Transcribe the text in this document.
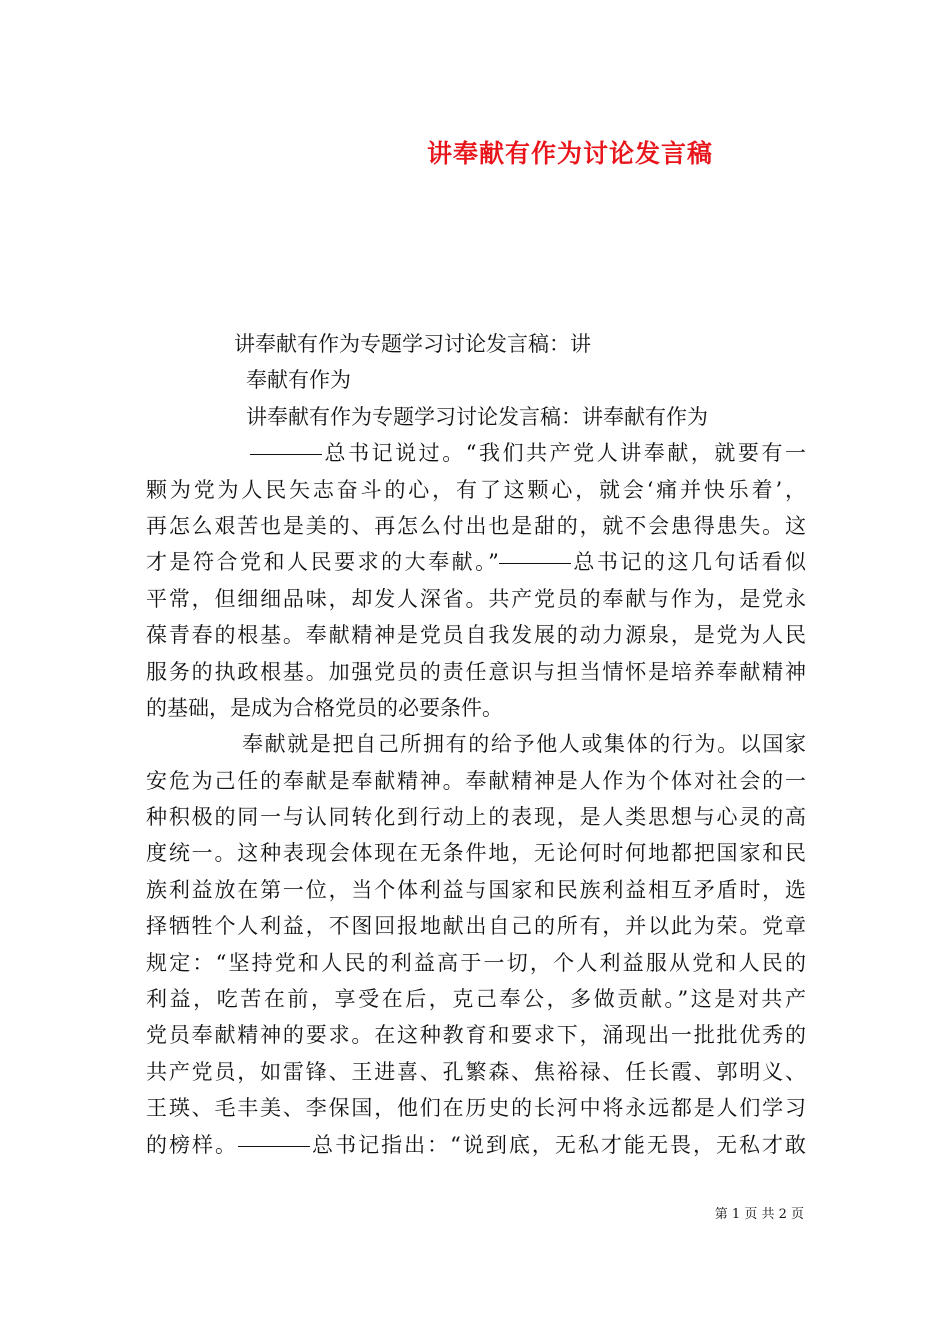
讲奉献有作为讨论发言稿
讲奉献有作为专题学习讨论发言稿：讲
奉献有作为
讲奉献有作为专题学习讨论发言稿：讲奉献有作为
总书记说过。“我们共产党人讲奉献，就要有一
颗为党为人民矢志奋斗的心，有了这颗心，就会‘痛并快乐着’，
再怎么艰苦也是美的、再怎么付出也是甜的，就不会患得患失。这
才是符合党和人民要求的大奉献。”	总书记的这几句话看似
平常，但细细品味，却发人深省。共产党员的奉献与作为，是党永
葆青春的根基。奉献精神是党员自我发展的动力源泉，是党为人民
服务的执政根基。加强党员的责任意识与担当情怀是培养奉献精神
的基础，是成为合格党员的必要条件。
奉献就是把自己所拥有的给予他人或集体的行为。以国家
安危为己任的奉献是奉献精神。奉献精神是人作为个体对社会的一
种积极的同一与认同转化到行动上的表现，是人类思想与心灵的高
度统一。这种表现会体现在无条件地，无论何时何地都把国家和民
族利益放在第一位，当个体利益与国家和民族利益相互矛盾时，选
择牺牲个人利益，不图回报地献出自己的所有，并以此为荣。党章
规定：“坚持党和人民的利益高于一切，个人利益服从党和人民的
利益，吃苦在前，享受在后，克己奉公，多做贡献。”这是对共产
党员奉献精神的要求。在这种教育和要求下，涌现出一批批优秀的
共产党员，如雷锋、王进喜、孔繁森、焦裕禄、任长霞、郭明义、
王瑛、毛丰美、李保国，他们在历史的长河中将永远都是人们学习
的榜样。	总书记指出：“说到底，无私才能无畏，无私才敢
第 1 页 共 2 页
